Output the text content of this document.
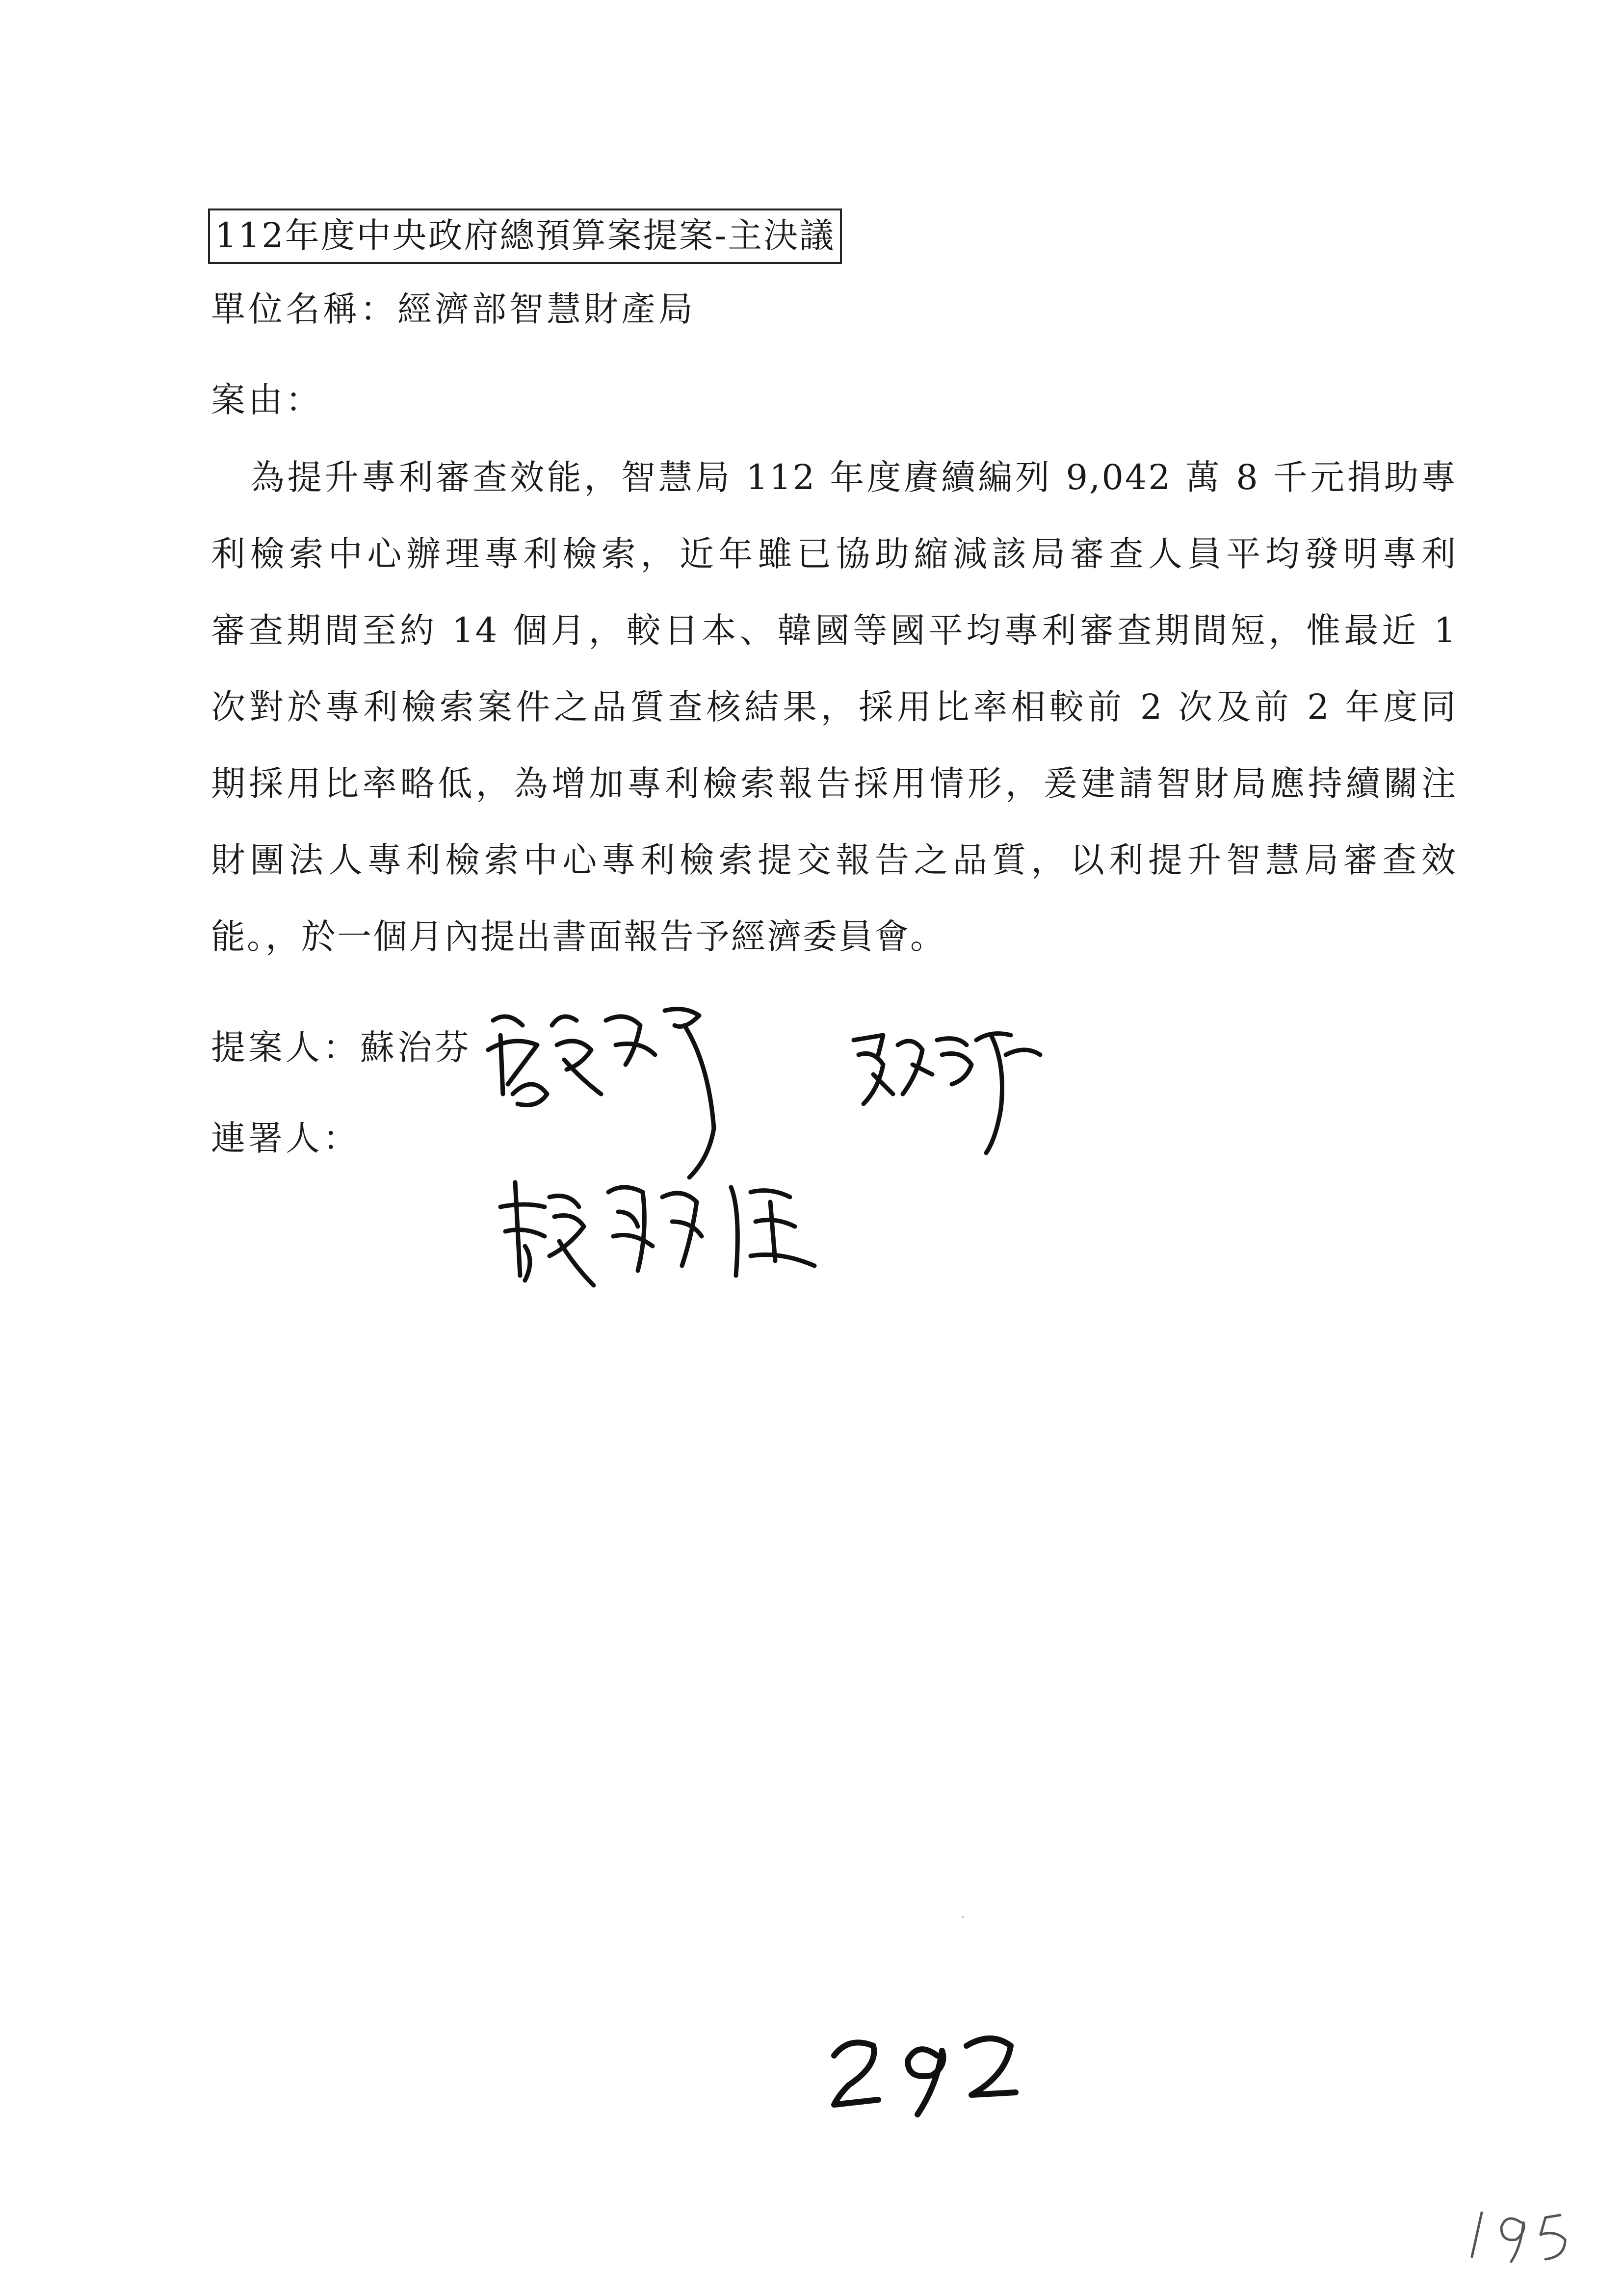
112年度中央政府總預算案提案-主決議
單位名稱：經濟部智慧財產局
案由：
為提升專利審查效能，智慧局 112 年度賡續編列 9,042 萬 8 千元捐助專
利檢索中心辦理專利檢索，近年雖已協助縮減該局審查人員平均發明專利
審查期間至約 14 個月，較日本、韓國等國平均專利審查期間短，惟最近 1
次對於專利檢索案件之品質查核結果，採用比率相較前 2 次及前 2 年度同
期採用比率略低，為增加專利檢索報告採用情形，爰建請智財局應持續關注
財團法人專利檢索中心專利檢索提交報告之品質，以利提升智慧局審查效
能。，於一個月內提出書面報告予經濟委員會。
提案人：蘇治芬
連署人：
